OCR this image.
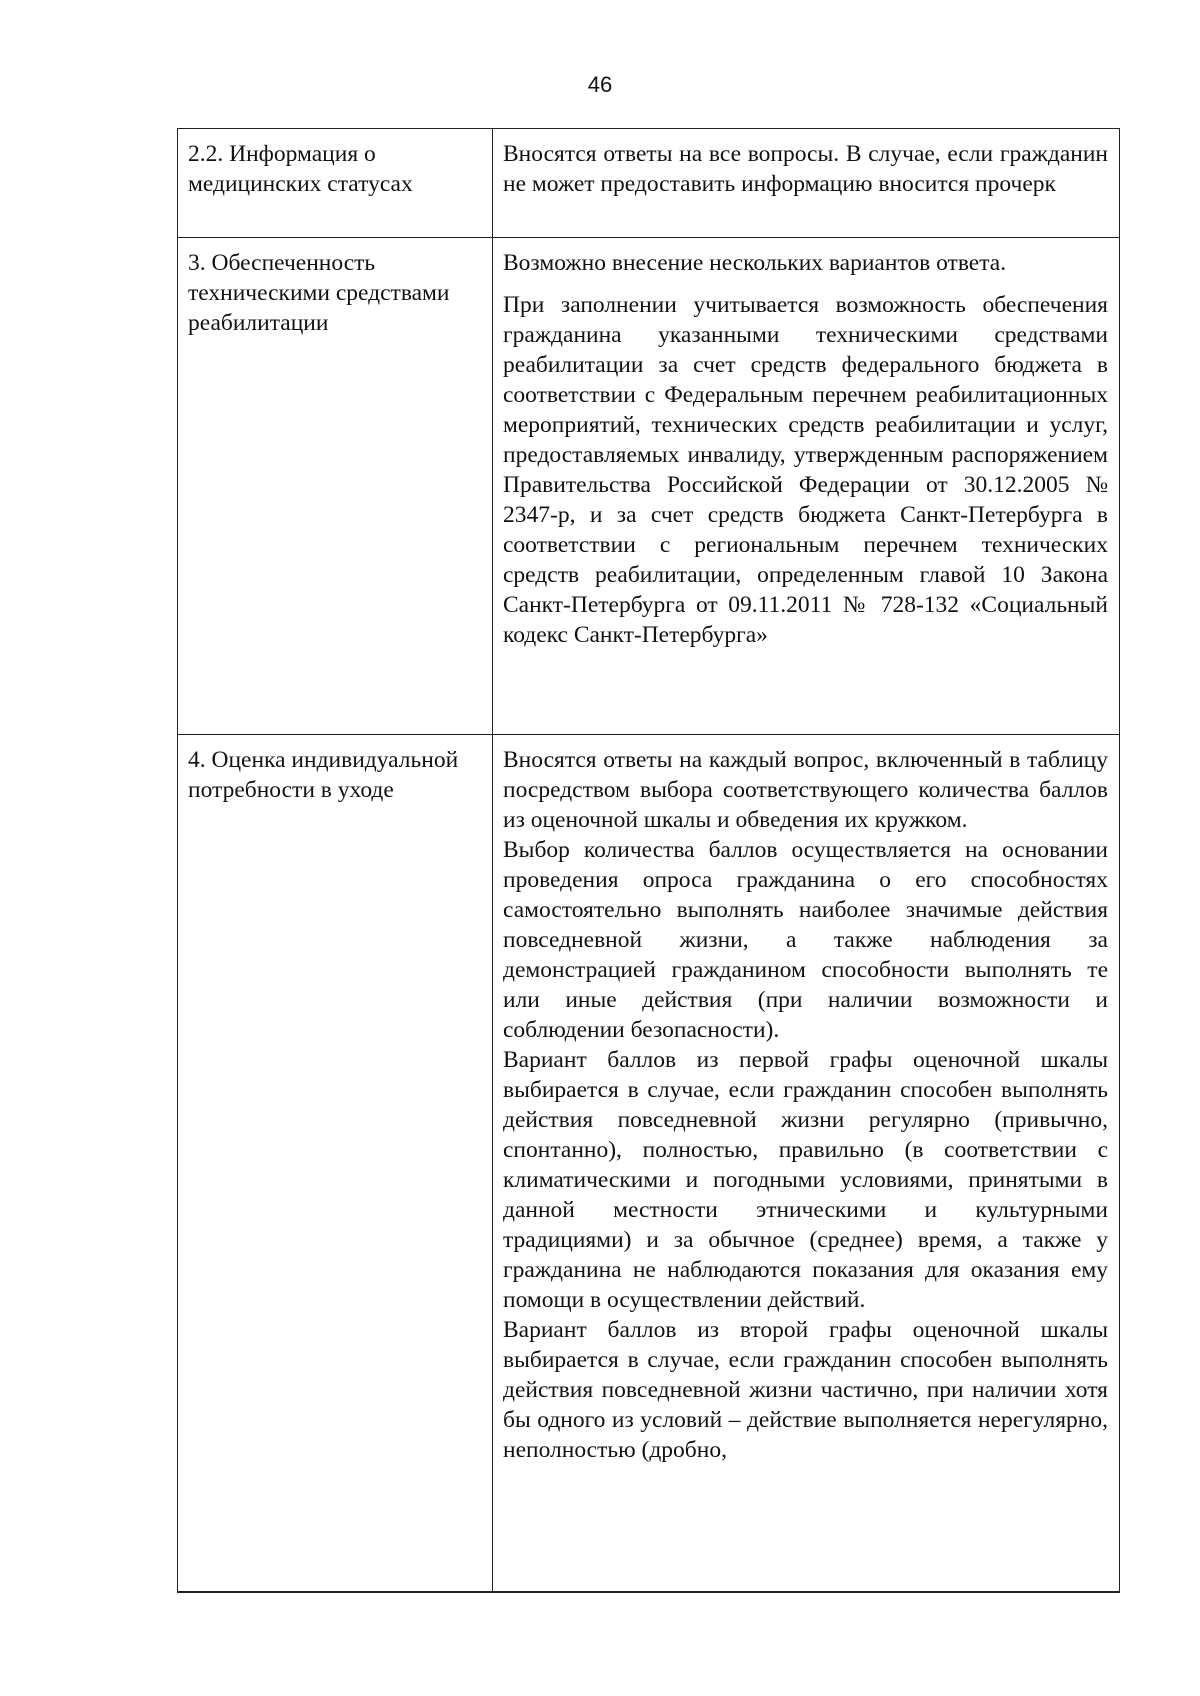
46
2.2. Информация о медицинских статусах	Вносятся ответы на все вопросы. В случае, если гражданин не может предоставить информацию вносится прочерк

3. Обеспеченность техническими средствами реабилитации	Возможно внесение нескольких вариантов ответа.

При заполнении учитывается возможность обеспечения гражданина указанными техническими средствами реабилитации за счет средств федерального бюджета в соответствии с Федеральным перечнем реабилитационных мероприятий, технических средств реабилитации и услуг, предоставляемых инвалиду, утвержденным распоряжением Правительства Российской Федерации от 30.12.2005 № 2347-р, и за счет средств бюджета Санкт-Петербурга в соответствии с региональным перечнем технических средств реабилитации, определенным главой 10 Закона Санкт-Петербурга от 09.11.2011 № 728-132 «Социальный кодекс Санкт-Петербурга»

4. Оценка индивидуальной потребности в уходе	Вносятся ответы на каждый вопрос, включенный в таблицу посредством выбора соответствующего количества баллов из оценочной шкалы и обведения их кружком.

Выбор количества баллов осуществляется на основании проведения опроса гражданина о его способностях самостоятельно выполнять наиболее значимые действия повседневной жизни, а также наблюдения за демонстрацией гражданином способности выполнять те или иные действия (при наличии возможности и соблюдении безопасности).

Вариант баллов из первой графы оценочной шкалы выбирается в случае, если гражданин способен выполнять действия повседневной жизни регулярно (привычно, спонтанно), полностью, правильно (в соответствии с климатическими и погодными условиями, принятыми в данной местности этническими и культурными традициями) и за обычное (среднее) время, а также у гражданина не наблюдаются показания для оказания ему помощи в осуществлении действий.

Вариант баллов из второй графы оценочной шкалы выбирается в случае, если гражданин способен выполнять действия повседневной жизни частично, при наличии хотя бы одного из условий – действие выполняется нерегулярно, неполностью (дробно,
